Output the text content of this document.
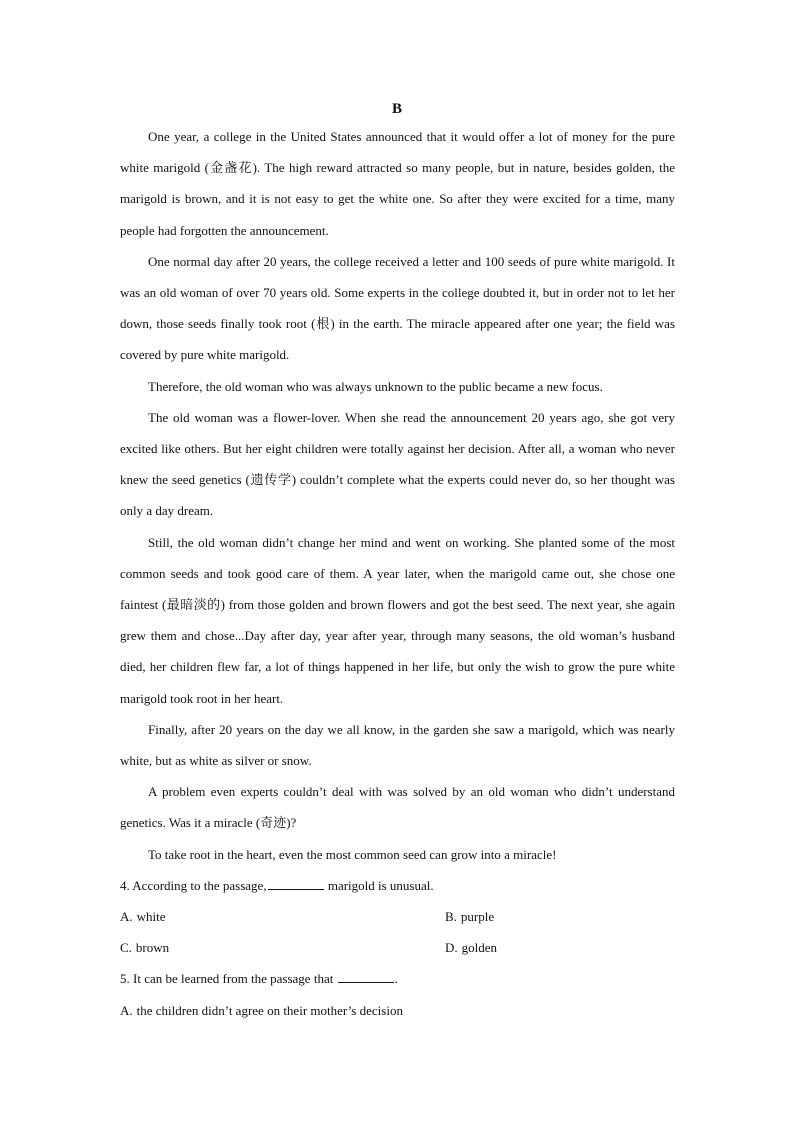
B

One year, a college in the United States announced that it would offer a lot of money for the pure white marigold (金盏花). The high reward attracted so many people, but in nature, besides golden, the marigold is brown, and it is not easy to get the white one. So after they were excited for a time, many people had forgotten the announcement.

One normal day after 20 years, the college received a letter and 100 seeds of pure white marigold. It was an old woman of over 70 years old. Some experts in the college doubted it, but in order not to let her down, those seeds finally took root (根) in the earth. The miracle appeared after one year; the field was covered by pure white marigold.

Therefore, the old woman who was always unknown to the public became a new focus.

The old woman was a flower-lover. When she read the announcement 20 years ago, she got very excited like others. But her eight children were totally against her decision. After all, a woman who never knew the seed genetics (遗传学) couldn’t complete what the experts could never do, so her thought was only a day dream.

Still, the old woman didn’t change her mind and went on working. She planted some of the most common seeds and took good care of them. A year later, when the marigold came out, she chose one faintest (最暗淡的) from those golden and brown flowers and got the best seed. The next year, she again grew them and chose...Day after day, year after year, through many seasons, the old woman’s husband died, her children flew far, a lot of things happened in her life, but only the wish to grow the pure white marigold took root in her heart.

Finally, after 20 years on the day we all know, in the garden she saw a marigold, which was nearly white, but as white as silver or snow.

A problem even experts couldn’t deal with was solved by an old woman who didn’t understand genetics. Was it a miracle (奇迹)?

To take root in the heart, even the most common seed can grow into a miracle!

4. According to the passage,	marigold is unusual.

A. white	B. purple
C. brown	D. golden

5. It can be learned from the passage that	.

A. the children didn’t agree on their mother’s decision
